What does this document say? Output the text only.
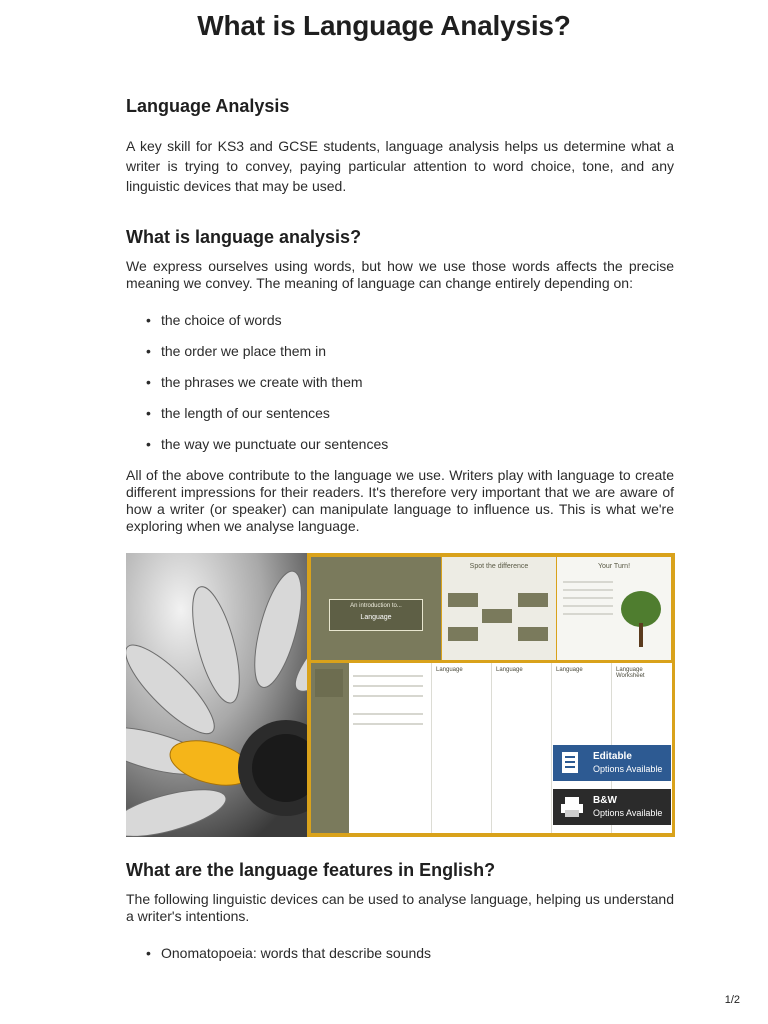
What is Language Analysis?
Language Analysis

A key skill for KS3 and GCSE students, language analysis helps us determine what a writer is trying to convey, paying particular attention to word choice, tone, and any linguistic devices that may be used.

What is language analysis?

We express ourselves using words, but how we use those words affects the precise meaning we convey. The meaning of language can change entirely depending on:

• the choice of words
• the order we place them in
• the phrases we create with them
• the length of our sentences
• the way we punctuate our sentences

All of the above contribute to the language we use. Writers play with language to create different impressions for their readers. It's therefore very important that we are aware of how a writer (or speaker) can manipulate language to influence us. This is what we're exploring when we analyse language.

An introduction to...
Language
Spot the difference	Your Turn!
Language	Language	Language	Language Worksheet
Editable
Options Available
B&W
Options Available
What are the language features in English?

The following linguistic devices can be used to analyse language, helping us understand a writer's intentions.

• Onomatopoeia: words that describe sounds
1/2
